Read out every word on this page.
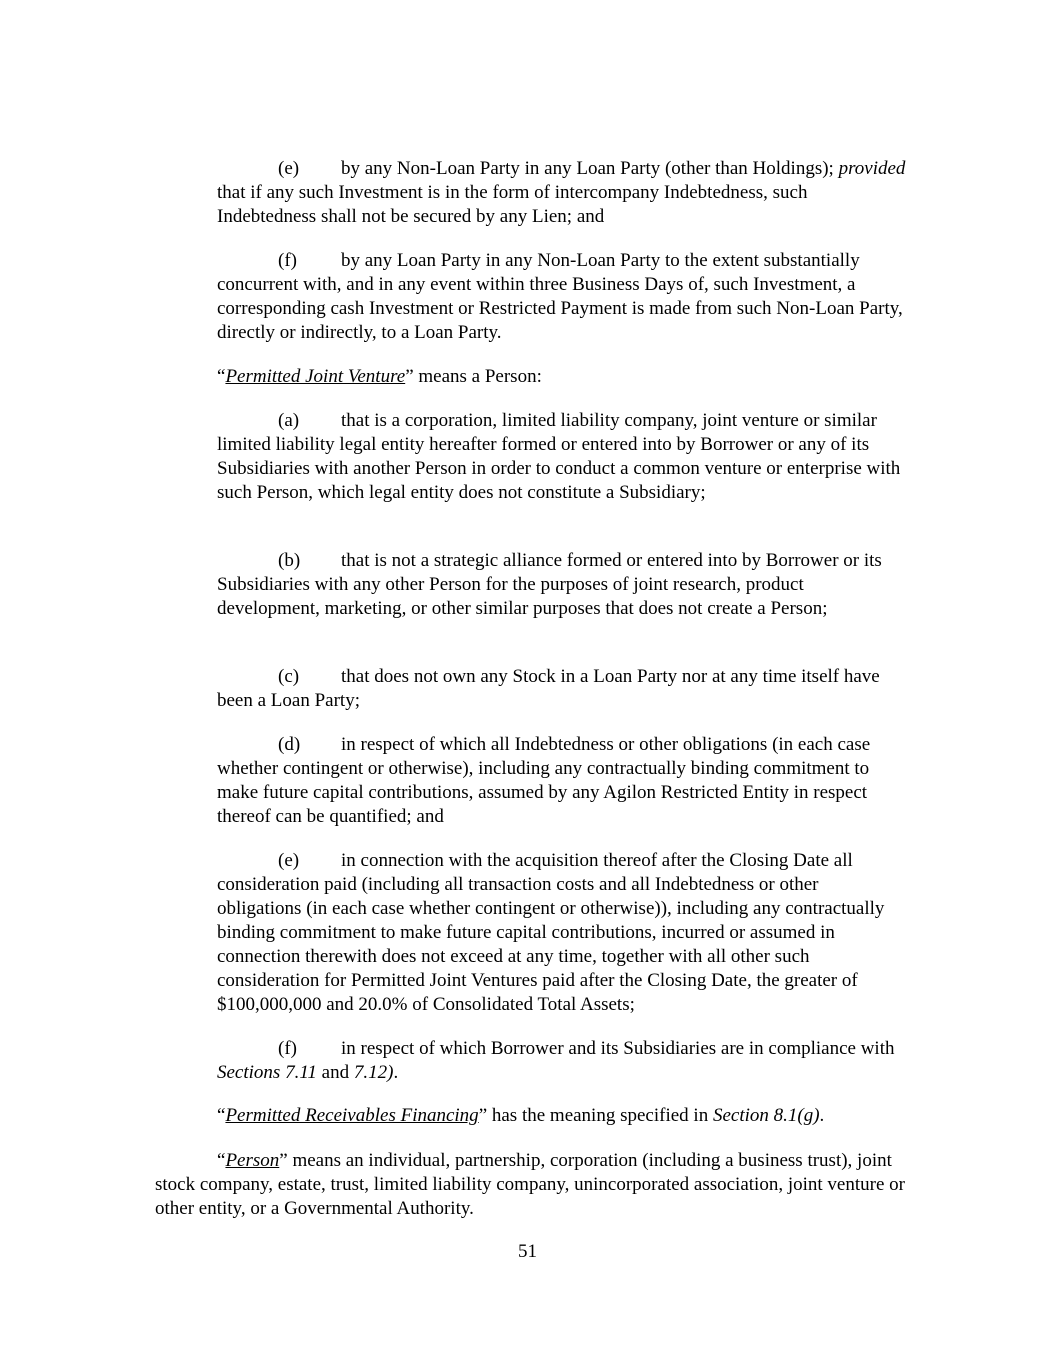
(e) by any Non-Loan Party in any Loan Party (other than Holdings); provided that if any such Investment is in the form of intercompany Indebtedness, such Indebtedness shall not be secured by any Lien; and

(f) by any Loan Party in any Non-Loan Party to the extent substantially concurrent with, and in any event within three Business Days of, such Investment, a corresponding cash Investment or Restricted Payment is made from such Non-Loan Party, directly or indirectly, to a Loan Party.

“Permitted Joint Venture” means a Person:

(a) that is a corporation, limited liability company, joint venture or similar limited liability legal entity hereafter formed or entered into by Borrower or any of its Subsidiaries with another Person in order to conduct a common venture or enterprise with such Person, which legal entity does not constitute a Subsidiary;

(b) that is not a strategic alliance formed or entered into by Borrower or its Subsidiaries with any other Person for the purposes of joint research, product development, marketing, or other similar purposes that does not create a Person;

(c) that does not own any Stock in a Loan Party nor at any time itself have been a Loan Party;

(d) in respect of which all Indebtedness or other obligations (in each case whether contingent or otherwise), including any contractually binding commitment to make future capital contributions, assumed by any Agilon Restricted Entity in respect thereof can be quantified; and

(e) in connection with the acquisition thereof after the Closing Date all consideration paid (including all transaction costs and all Indebtedness or other obligations (in each case whether contingent or otherwise)), including any contractually binding commitment to make future capital contributions, incurred or assumed in connection therewith does not exceed at any time, together with all other such consideration for Permitted Joint Ventures paid after the Closing Date, the greater of $100,000,000 and 20.0% of Consolidated Total Assets;

(f) in respect of which Borrower and its Subsidiaries are in compliance with Sections 7.11 and 7.12).

“Permitted Receivables Financing” has the meaning specified in Section 8.1(g).

“Person” means an individual, partnership, corporation (including a business trust), joint stock company, estate, trust, limited liability company, unincorporated association, joint venture or other entity, or a Governmental Authority.

51
